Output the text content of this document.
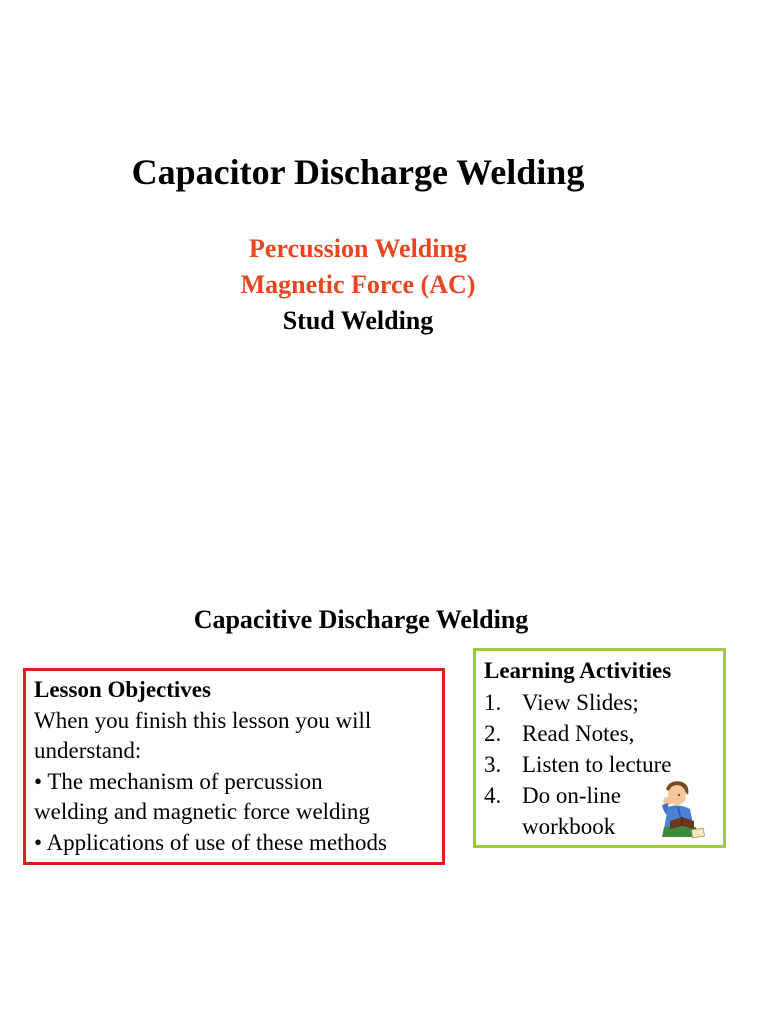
Capacitor Discharge Welding
Percussion Welding
Magnetic Force (AC)
Stud Welding
Capacitive Discharge Welding
Lesson Objectives
When you finish this lesson you will
understand:
• The mechanism of percussion
welding and magnetic force welding
• Applications of use of these methods
Learning Activities
1. View Slides;
2. Read Notes,
3. Listen to lecture
4. Do on-line
workbook
